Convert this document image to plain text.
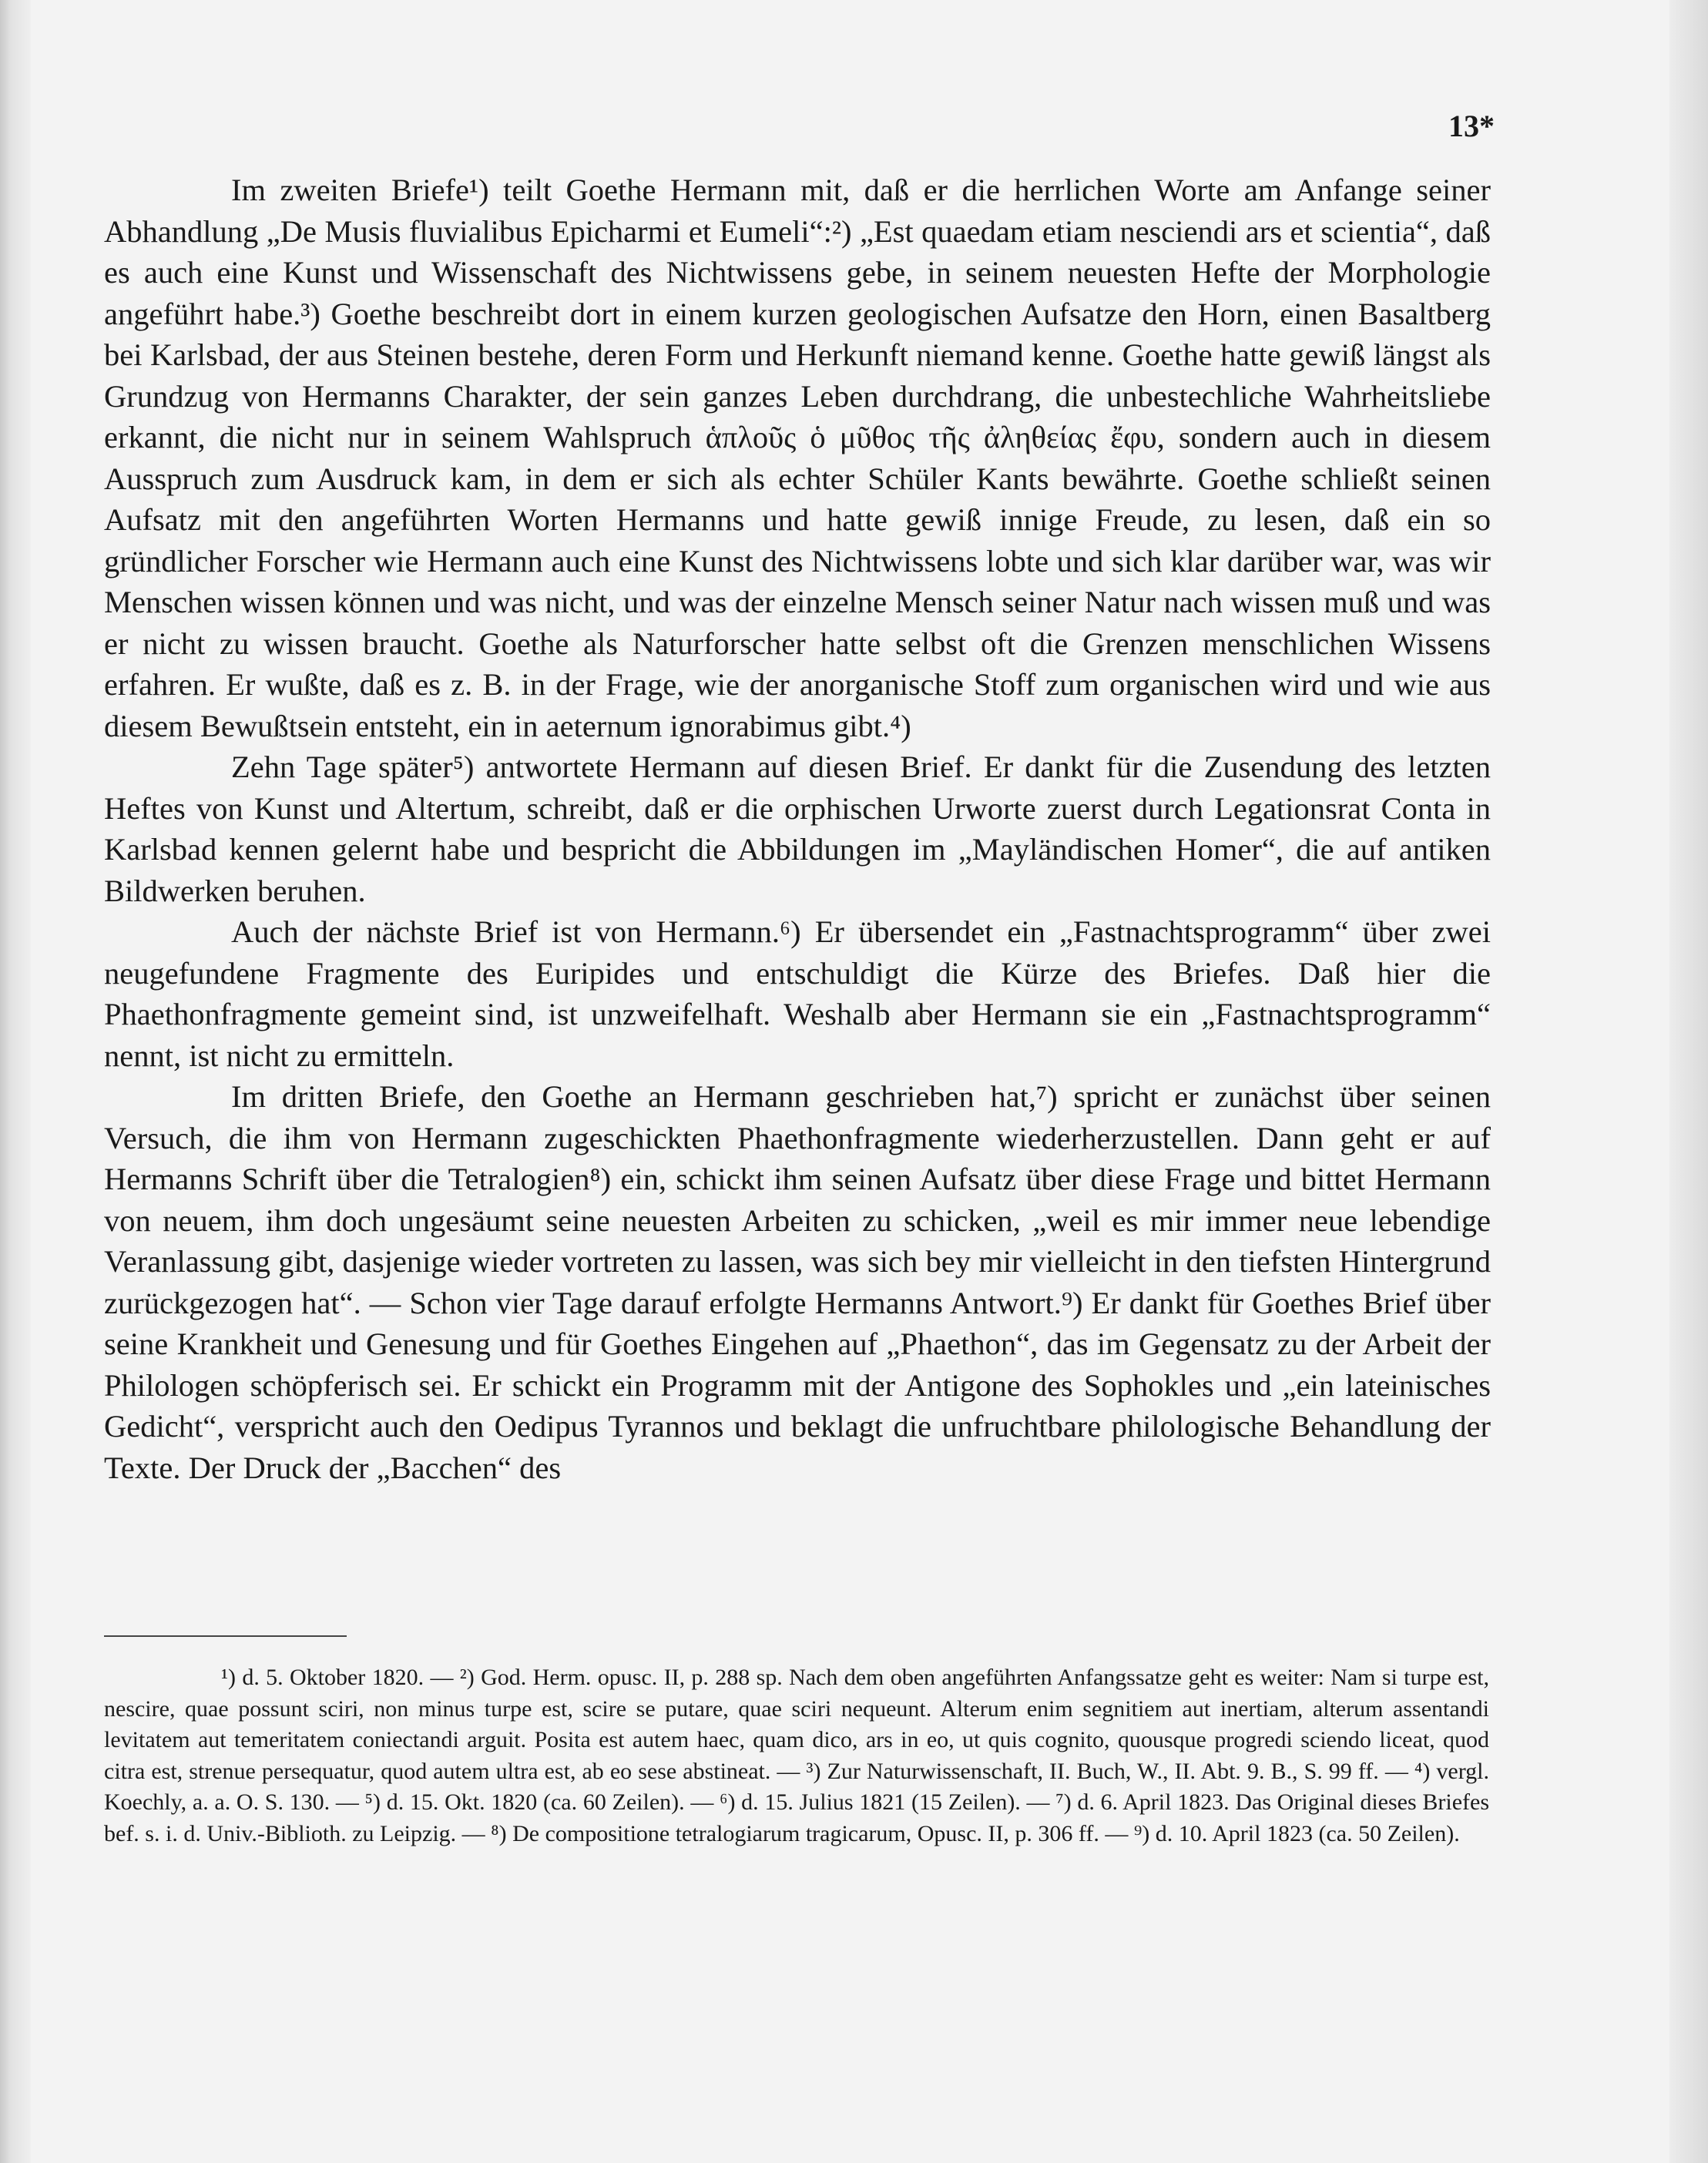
13*

Im zweiten Briefe¹) teilt Goethe Hermann mit, daß er die herrlichen Worte am Anfange seiner Abhandlung „De Musis fluvialibus Epicharmi et Eumeli“:²) „Est quaedam etiam nesciendi ars et scientia“, daß es auch eine Kunst und Wissenschaft des Nichtwissens gebe, in seinem neuesten Hefte der Morphologie angeführt habe.³) Goethe beschreibt dort in einem kurzen geologischen Aufsatze den Horn, einen Basaltberg bei Karlsbad, der aus Steinen bestehe, deren Form und Herkunft niemand kenne. Goethe hatte gewiß längst als Grundzug von Hermanns Charakter, der sein ganzes Leben durchdrang, die unbestechliche Wahrheitsliebe erkannt, die nicht nur in seinem Wahlspruch ἁπλοῦς ὁ μῦθος τῆς ἀληθείας ἔφυ, sondern auch in diesem Ausspruch zum Ausdruck kam, in dem er sich als echter Schüler Kants bewährte. Goethe schließt seinen Aufsatz mit den angeführten Worten Hermanns und hatte gewiß innige Freude, zu lesen, daß ein so gründlicher Forscher wie Hermann auch eine Kunst des Nichtwissens lobte und sich klar darüber war, was wir Menschen wissen können und was nicht, und was der einzelne Mensch seiner Natur nach wissen muß und was er nicht zu wissen braucht. Goethe als Naturforscher hatte selbst oft die Grenzen menschlichen Wissens erfahren. Er wußte, daß es z. B. in der Frage, wie der anorganische Stoff zum organischen wird und wie aus diesem Bewußtsein entsteht, ein in aeternum ignorabimus gibt.⁴)

Zehn Tage später⁵) antwortete Hermann auf diesen Brief. Er dankt für die Zusendung des letzten Heftes von Kunst und Altertum, schreibt, daß er die orphischen Urworte zuerst durch Legationsrat Conta in Karlsbad kennen gelernt habe und bespricht die Abbildungen im „Mayländischen Homer“, die auf antiken Bildwerken beruhen.

Auch der nächste Brief ist von Hermann.⁶) Er übersendet ein „Fastnachtsprogramm“ über zwei neugefundene Fragmente des Euripides und entschuldigt die Kürze des Briefes. Daß hier die Phaethonfragmente gemeint sind, ist unzweifelhaft. Weshalb aber Hermann sie ein „Fastnachtsprogramm“ nennt, ist nicht zu ermitteln.

Im dritten Briefe, den Goethe an Hermann geschrieben hat,⁷) spricht er zunächst über seinen Versuch, die ihm von Hermann zugeschickten Phaethonfragmente wiederherzustellen. Dann geht er auf Hermanns Schrift über die Tetralogien⁸) ein, schickt ihm seinen Aufsatz über diese Frage und bittet Hermann von neuem, ihm doch ungesäumt seine neuesten Arbeiten zu schicken, „weil es mir immer neue lebendige Veranlassung gibt, dasjenige wieder vortreten zu lassen, was sich bey mir vielleicht in den tiefsten Hintergrund zurückgezogen hat“. — Schon vier Tage darauf erfolgte Hermanns Antwort.⁹) Er dankt für Goethes Brief über seine Krankheit und Genesung und für Goethes Eingehen auf „Phaethon“, das im Gegensatz zu der Arbeit der Philologen schöpferisch sei. Er schickt ein Programm mit der Antigone des Sophokles und „ein lateinisches Gedicht“, verspricht auch den Oedipus Tyrannos und beklagt die unfruchtbare philologische Behandlung der Texte. Der Druck der „Bacchen“ des

¹) d. 5. Oktober 1820. — ²) God. Herm. opusc. II, p. 288 sp. Nach dem oben angeführten Anfangssatze geht es weiter: Nam si turpe est, nescire, quae possunt sciri, non minus turpe est, scire se putare, quae sciri nequeunt. Alterum enim segnitiem aut inertiam, alterum assentandi levitatem aut temeritatem coniectandi arguit. Posita est autem haec, quam dico, ars in eo, ut quis cognito, quousque progredi sciendo liceat, quod citra est, strenue persequatur, quod autem ultra est, ab eo sese abstineat. — ³) Zur Naturwissenschaft, II. Buch, W., II. Abt. 9. B., S. 99 ff. — ⁴) vergl. Koechly, a. a. O. S. 130. — ⁵) d. 15. Okt. 1820 (ca. 60 Zeilen). — ⁶) d. 15. Julius 1821 (15 Zeilen). — ⁷) d. 6. April 1823. Das Original dieses Briefes bef. s. i. d. Univ.-Biblioth. zu Leipzig. — ⁸) De compositione tetralogiarum tragicarum, Opusc. II, p. 306 ff. — ⁹) d. 10. April 1823 (ca. 50 Zeilen).
